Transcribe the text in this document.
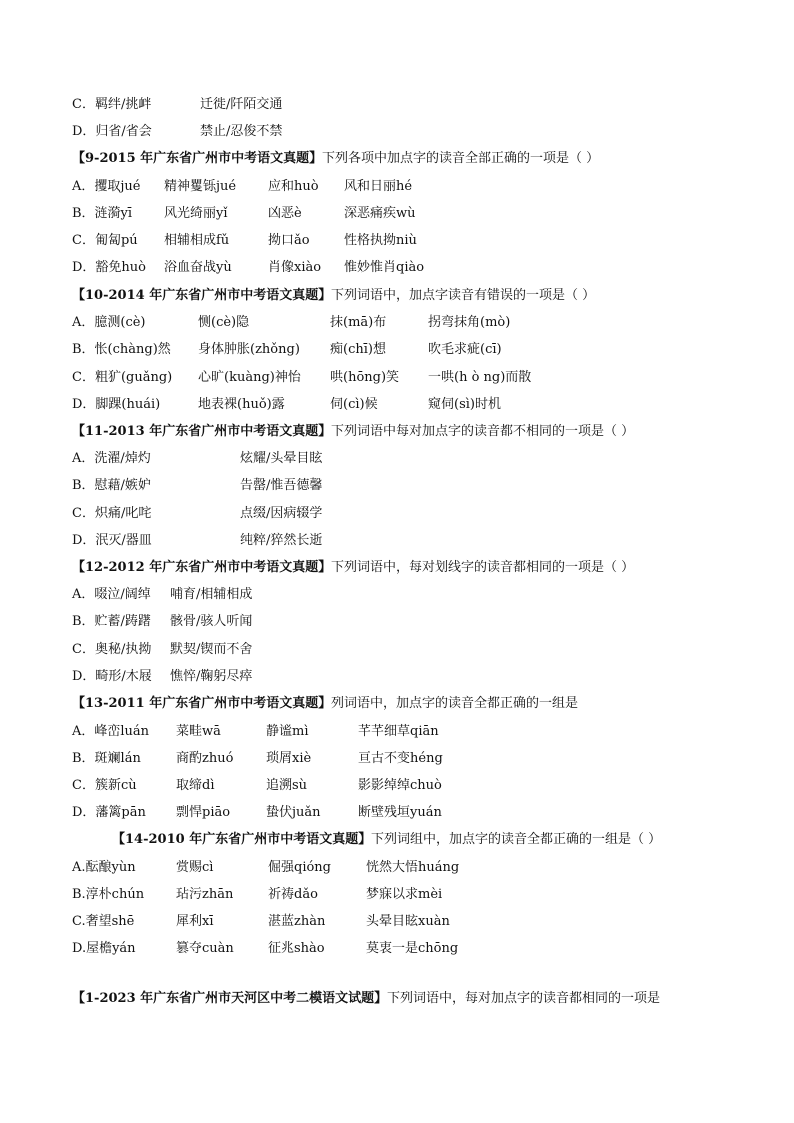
C．羁绊/挑衅	迁徙/阡陌交通
D．归省/省会	禁止/忍俊不禁
【9-2015 年广东省广州市中考语文真题】 下列各项中加点字的读音全部正确的一项是（ ）
A．攫取jué 精神矍铄jué 应和huò 风和日丽hé
B．涟漪yī 风光绮丽yǐ	凶恶è	深恶痛疾wù
C．匍匐pú 相辅相成fǔ	拗口ǎo	性格执拗niù
D．豁免huò 浴血奋战yù	肖像xiào 惟妙惟肖qiào
【10-2014 年广东省广州市中考语文真题】 下列词语中，加点字读音有错误的一项是（ ）
A．臆测(cè)	恻(cè)隐	抹(mā)布	拐弯抹角(mò)
B．怅(chàng)然 身体肿胀(zhǒng) 痴(chī)想	吹毛求疵(cī)
C．粗犷(guǎng) 心旷(kuàng)神怡 哄(hōng)笑 一哄(h ò ng)而散
D．脚踝(huái)	地表裸(huǒ)露	伺(cì)候	窥伺(sì)时机
【11-2013 年广东省广州市中考语文真题】 下列词语中每对加点字的读音都不相同的一项是（ ）
A．洗濯/焯灼	炫耀/头晕目眩
B．慰藉/嫉妒	告罄/惟吾德馨
C．炽痛/叱咤	点缀/因病辍学
D．泯灭/器皿	纯粹/猝然长逝
【12-2012 年广东省广州市中考语文真题】 下列词语中，每对划线字的读音都相同的一项是（ ）
A．啜泣/阔绰 哺育/相辅相成
B．贮蓄/踌躇 骸骨/骇人听闻
C．奥秘/执拗 默契/锲而不舍
D．畸形/木屐 憔悴/鞠躬尽瘁
【13-2011 年广东省广州市中考语文真题】 列词语中，加点字的读音全都正确的一组是
A．峰峦luán 菜畦wā	静谧mì	芊芊细草qiān
B．斑斓lán	商酌zhuó	琐屑xiè	亘古不变héng
C．簇新cù	取缔dì	追溯sù	影影绰绰chuò
D．藩篱pān 剽悍piāo	蛰伏juǎn	断壁残垣yuán
【14-2010 年广东省广州市中考语文真题】 下列词组中，加点字的读音全都正确的一组是（ ）
A.酝酿yùn	赏赐cì	倔强qióng	恍然大悟huáng
B.淳朴chún 玷污zhān	祈祷dǎo	梦寐以求mèi
C.奢望shē	犀利xī	湛蓝zhàn	头晕目眩xuàn
D.屋檐yán	篡夺cuàn	征兆shào	莫衷一是chōng
【1-2023 年广东省广州市天河区中考二模语文试题】 下列词语中，每对加点字的读音都相同的一项是
